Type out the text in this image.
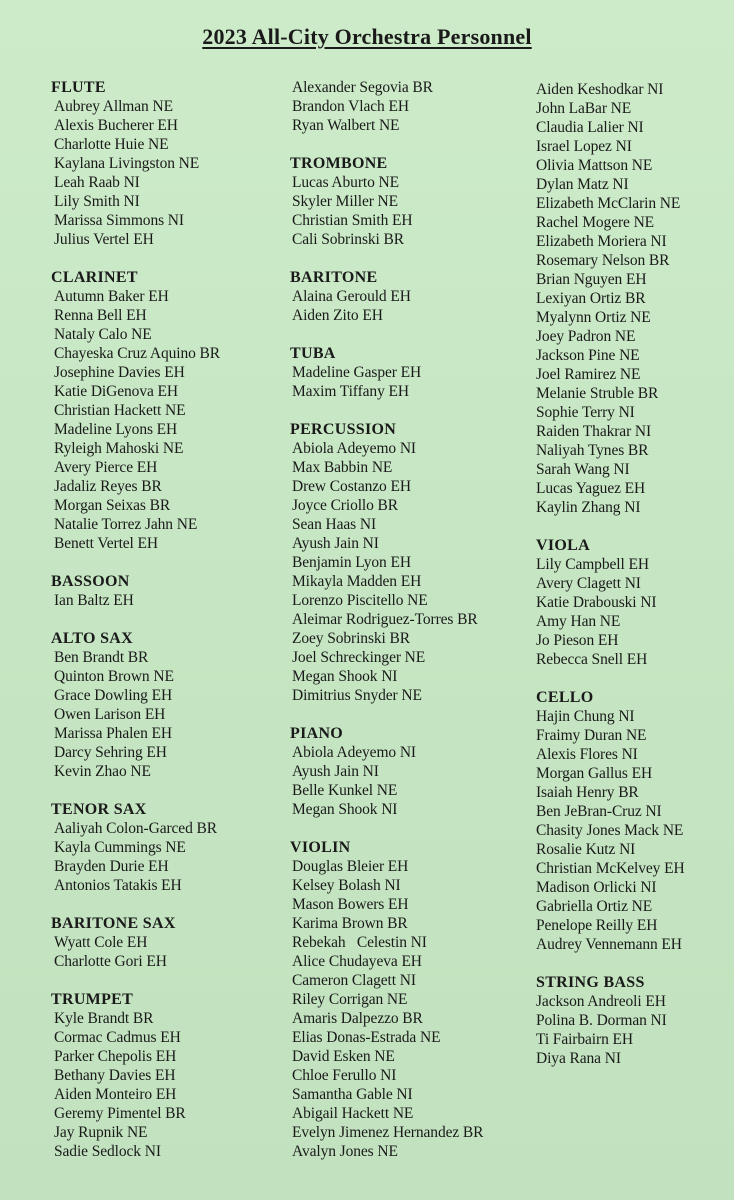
2023 All-City Orchestra Personnel
FLUTE
Aubrey Allman NE
Alexis Bucherer EH
Charlotte Huie NE
Kaylana Livingston NE
Leah Raab NI
Lily Smith NI
Marissa Simmons NI
Julius Vertel EH
CLARINET
Autumn Baker EH
Renna Bell EH
Nataly Calo NE
Chayeska Cruz Aquino BR
Josephine Davies EH
Katie DiGenova EH
Christian Hackett NE
Madeline Lyons EH
Ryleigh Mahoski NE
Avery Pierce EH
Jadaliz Reyes BR
Morgan Seixas BR
Natalie Torrez Jahn NE
Benett Vertel EH
BASSOON
Ian Baltz EH
ALTO SAX
Ben Brandt BR
Quinton Brown NE
Grace Dowling EH
Owen Larison EH
Marissa Phalen EH
Darcy Sehring EH
Kevin Zhao NE
TENOR SAX
Aaliyah Colon-Garced BR
Kayla Cummings NE
Brayden Durie EH
Antonios Tatakis EH
BARITONE SAX
Wyatt Cole EH
Charlotte Gori EH
TRUMPET
Kyle Brandt BR
Cormac Cadmus EH
Parker Chepolis EH
Bethany Davies EH
Aiden Monteiro EH
Geremy Pimentel BR
Jay Rupnik NE
Sadie Sedlock NI
Alexander Segovia BR
Brandon Vlach EH
Ryan Walbert NE
TROMBONE
Lucas Aburto NE
Skyler Miller NE
Christian Smith EH
Cali Sobrinski BR
BARITONE
Alaina Gerould EH
Aiden Zito EH
TUBA
Madeline Gasper EH
Maxim Tiffany EH
PERCUSSION
Abiola Adeyemo NI
Max Babbin NE
Drew Costanzo EH
Joyce Criollo BR
Sean Haas NI
Ayush Jain NI
Benjamin Lyon EH
Mikayla Madden EH
Lorenzo Piscitello NE
Aleimar Rodriguez-Torres BR
Zoey Sobrinski BR
Joel Schreckinger NE
Megan Shook NI
Dimitrius Snyder NE
PIANO
Abiola Adeyemo NI
Ayush Jain NI
Belle Kunkel NE
Megan Shook NI
VIOLIN
Douglas Bleier EH
Kelsey Bolash NI
Mason Bowers EH
Karima Brown BR
Rebekah   Celestin NI
Alice Chudayeva EH
Cameron Clagett NI
Riley Corrigan NE
Amaris Dalpezzo BR
Elias Donas-Estrada NE
David Esken NE
Chloe Ferullo NI
Samantha Gable NI
Abigail Hackett NE
Evelyn Jimenez Hernandez BR
Avalyn Jones NE
Aiden Keshodkar NI
John LaBar NE
Claudia Lalier NI
Israel Lopez NI
Olivia Mattson NE
Dylan Matz NI
Elizabeth McClarin NE
Rachel Mogere NE
Elizabeth Moriera NI
Rosemary Nelson BR
Brian Nguyen EH
Lexiyan Ortiz BR
Myalynn Ortiz NE
Joey Padron NE
Jackson Pine NE
Joel Ramirez NE
Melanie Struble BR
Sophie Terry NI
Raiden Thakrar NI
Naliyah Tynes BR
Sarah Wang NI
Lucas Yaguez EH
Kaylin Zhang NI
VIOLA
Lily Campbell EH
Avery Clagett NI
Katie Drabouski NI
Amy Han NE
Jo Pieson EH
Rebecca Snell EH
CELLO
Hajin Chung NI
Fraimy Duran NE
Alexis Flores NI
Morgan Gallus EH
Isaiah Henry BR
Ben JeBran-Cruz NI
Chasity Jones Mack NE
Rosalie Kutz NI
Christian McKelvey EH
Madison Orlicki NI
Gabriella Ortiz NE
Penelope Reilly EH
Audrey Vennemann EH
STRING BASS
Jackson Andreoli EH
Polina B. Dorman NI
Ti Fairbairn EH
Diya Rana NI
